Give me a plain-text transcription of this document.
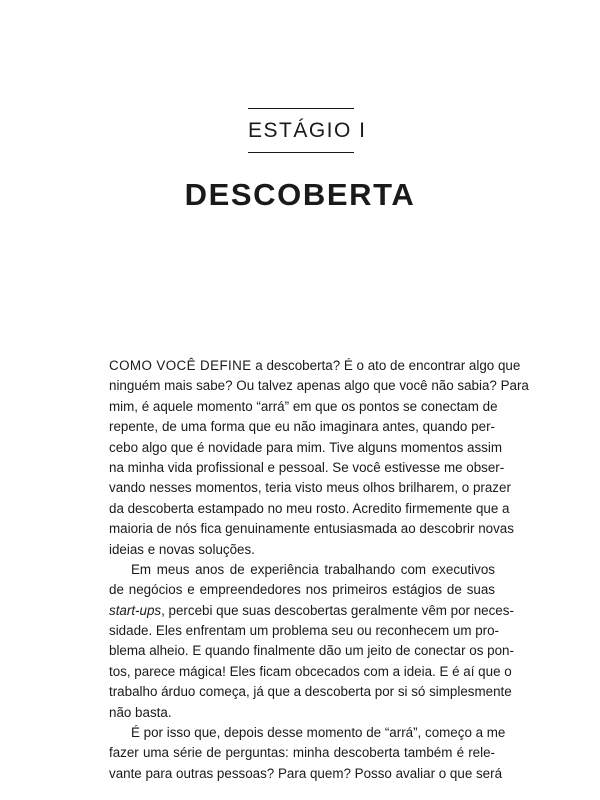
ESTÁGIO I
DESCOBERTA
COMO VOCÊ DEFINE a descoberta? É o ato de encontrar algo que
ninguém mais sabe? Ou talvez apenas algo que você não sabia? Para
mim, é aquele momento “arrá” em que os pontos se conectam de
repente, de uma forma que eu não imaginara antes, quando per-
cebo algo que é novidade para mim. Tive alguns momentos assim
na minha vida profissional e pessoal. Se você estivesse me obser-
vando nesses momentos, teria visto meus olhos brilharem, o prazer
da descoberta estampado no meu rosto. Acredito firmemente que a
maioria de nós fica genuinamente entusiasmada ao descobrir novas
ideias e novas soluções.
Em meus anos de experiência trabalhando com executivos
de negócios e empreendedores nos primeiros estágios de suas
start-ups, percebi que suas descobertas geralmente vêm por neces-
sidade. Eles enfrentam um problema seu ou reconhecem um pro-
blema alheio. E quando finalmente dão um jeito de conectar os pon-
tos, parece mágica! Eles ficam obcecados com a ideia. E é aí que o
trabalho árduo começa, já que a descoberta por si só simplesmente
não basta.
É por isso que, depois desse momento de “arrá”, começo a me
fazer uma série de perguntas: minha descoberta também é rele-
vante para outras pessoas? Para quem? Posso avaliar o que será
